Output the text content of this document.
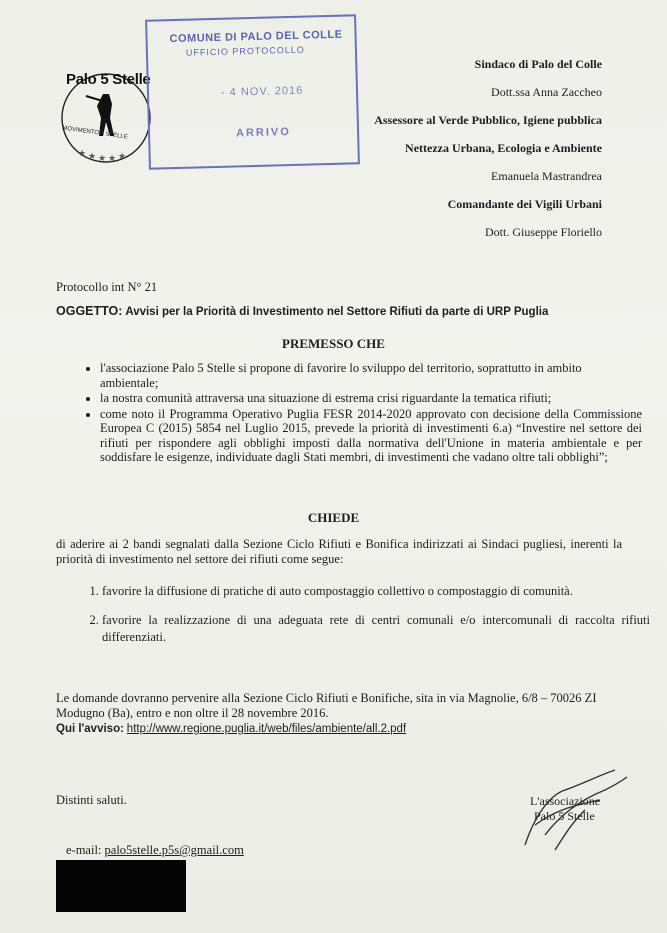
★ ★ ★ ★ ★
Palo 5 Stelle
MOVIMENTO 5 STELLE
COMUNE DI PALO DEL COLLE
UFFICIO PROTOCOLLO
- 4 NOV. 2016
ARRIVO
Sindaco di Palo del Colle
Dott.ssa Anna Zaccheo
Assessore al Verde Pubblico, Igiene pubblica
Nettezza Urbana, Ecologia e Ambiente
Emanuela Mastrandrea
Comandante dei Vigili Urbani
Dott. Giuseppe Floriello
Protocollo int N° 21
OGGETTO: Avvisi per la Priorità di Investimento nel Settore Rifiuti da parte di URP Puglia
PREMESSO CHE
• l'associazione Palo 5 Stelle si propone di favorire lo sviluppo del territorio, soprattutto in ambito ambientale;
• la nostra comunità attraversa una situazione di estrema crisi riguardante la tematica rifiuti;
• come noto il Programma Operativo Puglia FESR 2014-2020 approvato con decisione della Commissione Europea C (2015) 5854 nel Luglio 2015, prevede la priorità di investimenti 6.a) “Investire nel settore dei rifiuti per rispondere agli obblighi imposti dalla normativa dell'Unione in materia ambientale e per soddisfare le esigenze, individuate dagli Stati membri, di investimenti che vadano oltre tali obblighi”;
CHIEDE
di aderire ai 2 bandi segnalati dalla Sezione Ciclo Rifiuti e Bonifica indirizzati ai Sindaci pugliesi, inerenti la priorità di investimento nel settore dei rifiuti come segue:
1. favorire la diffusione di pratiche di auto compostaggio collettivo o compostaggio di comunità.
2. favorire la realizzazione di una adeguata rete di centri comunali e/o intercomunali di raccolta rifiuti differenziati.
Le domande dovranno pervenire alla Sezione Ciclo Rifiuti e Bonifiche, sita in via Magnolie, 6/8 – 70026 ZI Modugno (Ba), entro e non oltre il 28 novembre 2016.
Qui l'avviso: http://www.regione.puglia.it/web/files/ambiente/all.2.pdf
Distinti saluti.	L'associazione
Palo 5 Stelle
e-mail: palo5stelle.p5s@gmail.com
